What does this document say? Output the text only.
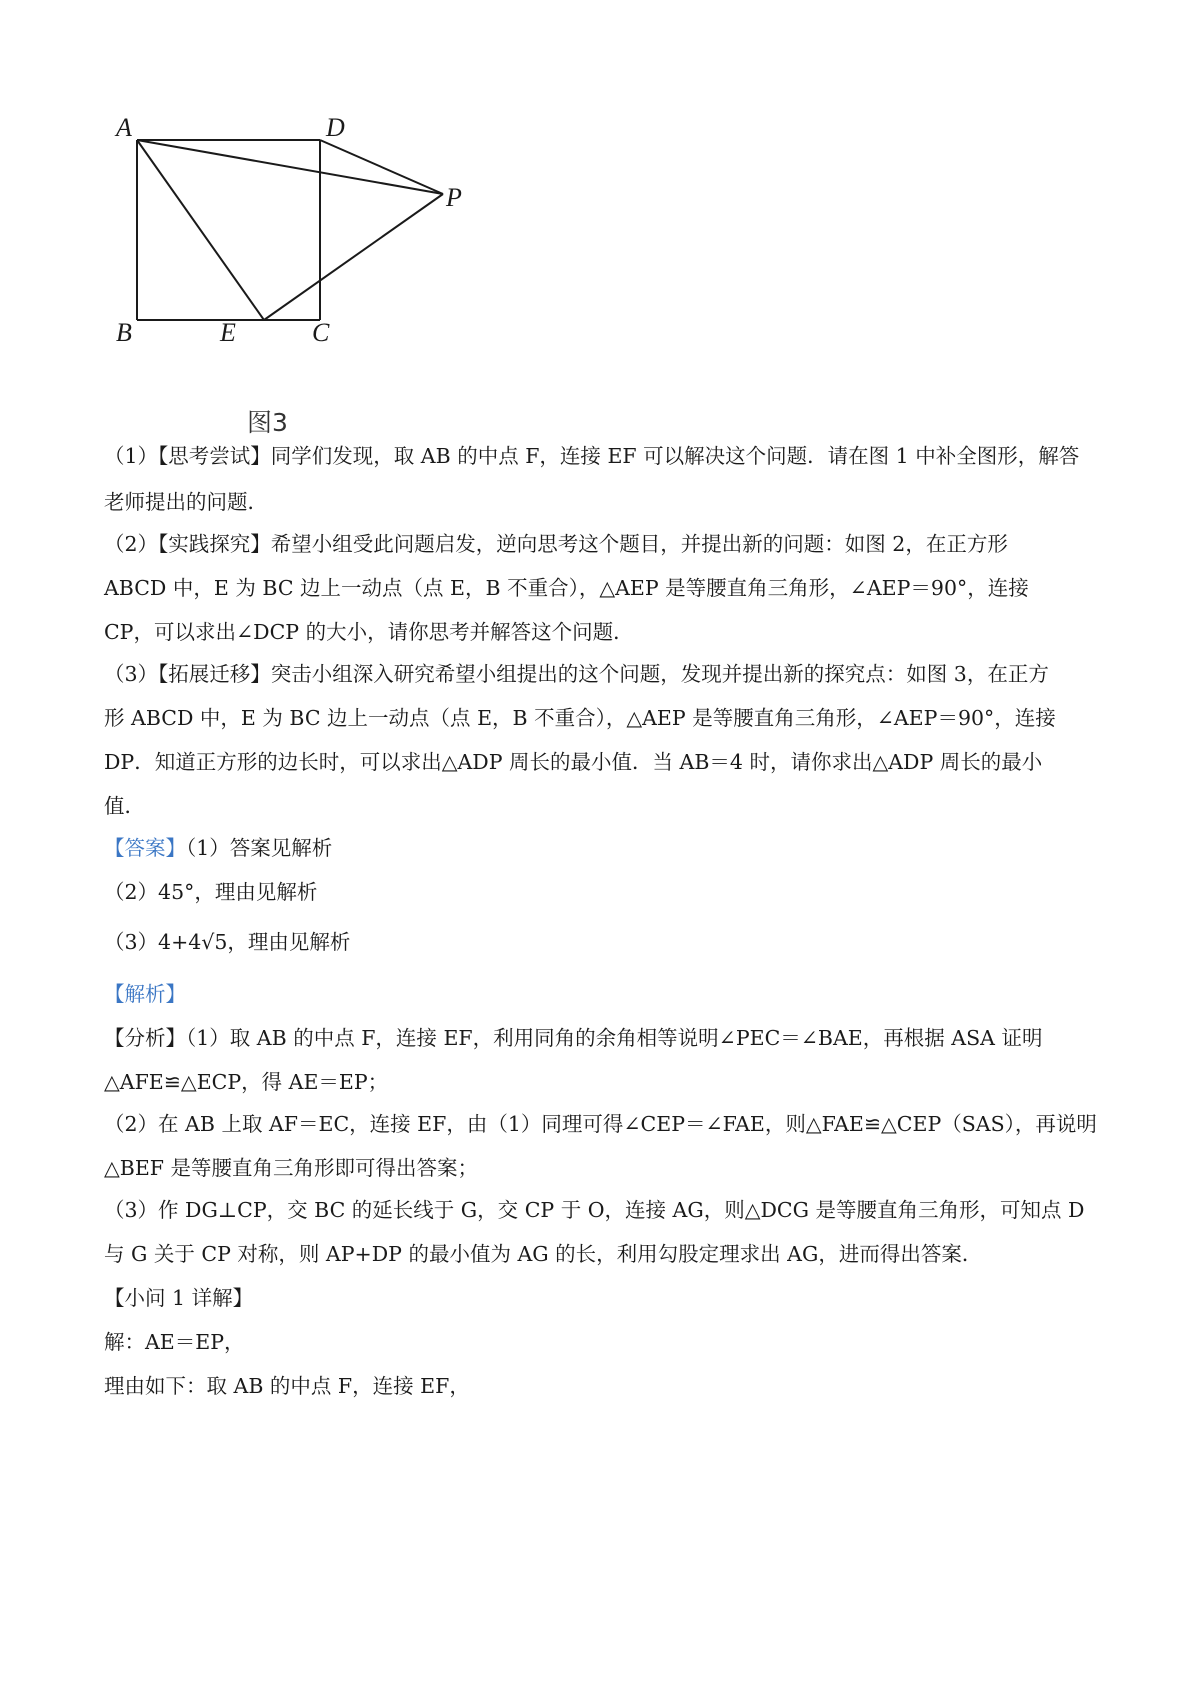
A	D
P
B	E	C
图3
（1）【思考尝试】同学们发现，取 AB 的中点 F，连接 EF 可以解决这个问题．请在图 1 中补全图形，解答
老师提出的问题．
（2）【实践探究】希望小组受此问题启发，逆向思考这个题目，并提出新的问题：如图 2，在正方形
ABCD 中，E 为 BC 边上一动点（点 E，B 不重合），△AEP 是等腰直角三角形，∠AEP＝90°，连接
CP，可以求出∠DCP 的大小，请你思考并解答这个问题．
（3）【拓展迁移】突击小组深入研究希望小组提出的这个问题，发现并提出新的探究点：如图 3，在正方
形 ABCD 中，E 为 BC 边上一动点（点 E，B 不重合），△AEP 是等腰直角三角形，∠AEP＝90°，连接
DP．知道正方形的边长时，可以求出△ADP 周长的最小值．当 AB＝4 时，请你求出△ADP 周长的最小
值．
【答案】（1）答案见解析
（2）45°，理由见解析
（3）4+4√5，理由见解析
【解析】
【分析】（1）取 AB 的中点 F，连接 EF，利用同角的余角相等说明∠PEC＝∠BAE，再根据 ASA 证明
△AFE≌△ECP，得 AE＝EP；
（2）在 AB 上取 AF＝EC，连接 EF，由（1）同理可得∠CEP＝∠FAE，则△FAE≌△CEP（SAS），再说明
△BEF 是等腰直角三角形即可得出答案；
（3）作 DG⊥CP，交 BC 的延长线于 G，交 CP 于 O，连接 AG，则△DCG 是等腰直角三角形，可知点 D
与 G 关于 CP 对称，则 AP+DP 的最小值为 AG 的长，利用勾股定理求出 AG，进而得出答案．
【小问 1 详解】
解：AE＝EP，
理由如下：取 AB 的中点 F，连接 EF，
